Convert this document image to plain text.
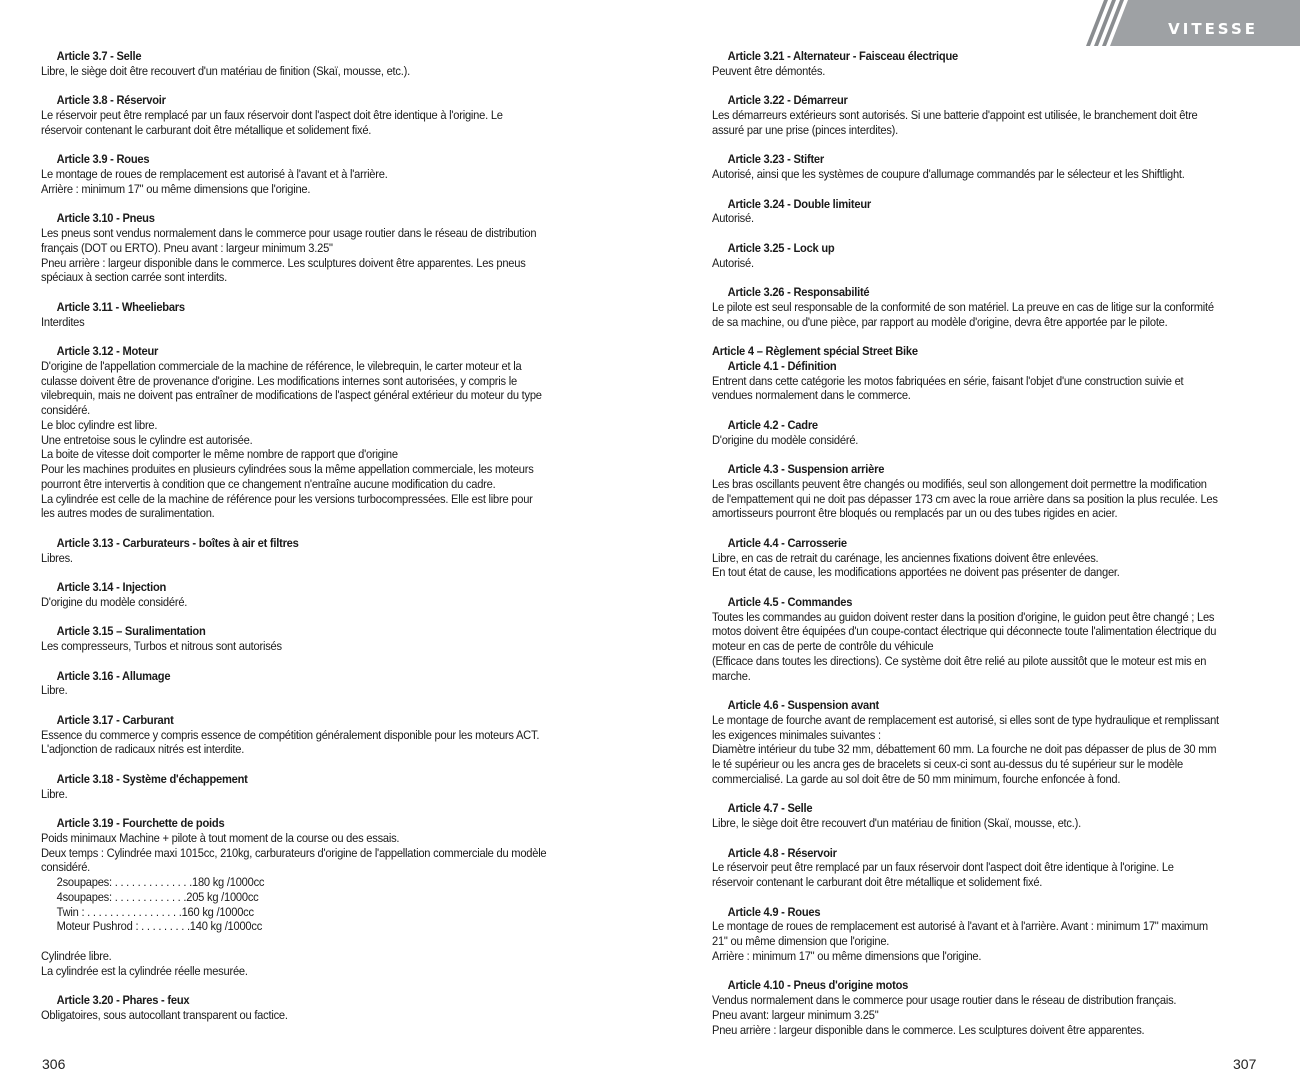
Article 3.7 - Selle
Libre, le siège doit être recouvert d'un matériau de finition (Skaï, mousse, etc.).
Article 3.8 - Réservoir
Le réservoir peut être remplacé par un faux réservoir dont l'aspect doit être identique à l'origine. Le
réservoir contenant le carburant doit être métallique et solidement fixé.
Article 3.9 - Roues
Le montage de roues de remplacement est autorisé à l'avant et à l'arrière.
Arrière : minimum 17" ou même dimensions que l'origine.
Article 3.10 - Pneus
Les pneus sont vendus normalement dans le commerce pour usage routier dans le réseau de distribution
français (DOT ou ERTO). Pneu avant : largeur minimum 3.25"
Pneu arrière : largeur disponible dans le commerce. Les sculptures doivent être apparentes. Les pneus
spéciaux à section carrée sont interdits.
Article 3.11 - Wheeliebars
Interdites
Article 3.12 - Moteur
D'origine de l'appellation commerciale de la machine de référence, le vilebrequin, le carter moteur et la
culasse doivent être de provenance d'origine. Les modifications internes sont autorisées, y compris le
vilebrequin, mais ne doivent pas entraîner de modifications de l'aspect général extérieur du moteur du type
considéré.
Le bloc cylindre est libre.
Une entretoise sous le cylindre est autorisée.
La boite de vitesse doit comporter le même nombre de rapport que d'origine
Pour les machines produites en plusieurs cylindrées sous la même appellation commerciale, les moteurs
pourront être intervertis à condition que ce changement n'entraîne aucune modification du cadre.
La cylindrée est celle de la machine de référence pour les versions turbocompressées. Elle est libre pour
les autres modes de suralimentation.
Article 3.13 - Carburateurs - boîtes à air et filtres
Libres.
Article 3.14 - Injection
D'origine du modèle considéré.
Article 3.15 – Suralimentation
Les compresseurs, Turbos et nitrous sont autorisés
Article 3.16 - Allumage
Libre.
Article 3.17 - Carburant
Essence du commerce y compris essence de compétition généralement disponible pour les moteurs ACT.
L'adjonction de radicaux nitrés est interdite.
Article 3.18 - Système d'échappement
Libre.
Article 3.19 - Fourchette de poids
Poids minimaux Machine + pilote à tout moment de la course ou des essais.
Deux temps : Cylindrée maxi 1015cc, 210kg, carburateurs d'origine de l'appellation commerciale du modèle
considéré.
2soupapes: . . . . . . . . . . . . . .180 kg /1000cc
4soupapes: . . . . . . . . . . . . .205 kg /1000cc
Twin : . . . . . . . . . . . . . . . . .160 kg /1000cc
Moteur Pushrod : . . . . . . . . .140 kg /1000cc

Cylindrée libre.
La cylindrée est la cylindrée réelle mesurée.
Article 3.20 - Phares - feux
Obligatoires, sous autocollant transparent ou factice.
306
VITESSE
Article 3.21 - Alternateur - Faisceau électrique
Peuvent être démontés.
Article 3.22 - Démarreur
Les démarreurs extérieurs sont autorisés. Si une batterie d'appoint est utilisée, le branchement doit être
assuré par une prise (pinces interdites).
Article 3.23 - Stifter
Autorisé, ainsi que les systèmes de coupure d'allumage commandés par le sélecteur et les Shiftlight.
Article 3.24 - Double limiteur
Autorisé.
Article 3.25 - Lock up
Autorisé.
Article 3.26 - Responsabilité
Le pilote est seul responsable de la conformité de son matériel. La preuve en cas de litige sur la conformité
de sa machine, ou d'une pièce, par rapport au modèle d'origine, devra être apportée par le pilote.
Article 4 – Règlement spécial Street Bike
Article 4.1 - Définition
Entrent dans cette catégorie les motos fabriquées en série, faisant l'objet d'une construction suivie et
vendues normalement dans le commerce.
Article 4.2 - Cadre
D'origine du modèle considéré.
Article 4.3 - Suspension arrière
Les bras oscillants peuvent être changés ou modifiés, seul son allongement doit permettre la modification
de l'empattement qui ne doit pas dépasser 173 cm avec la roue arrière dans sa position la plus reculée. Les
amortisseurs pourront être bloqués ou remplacés par un ou des tubes rigides en acier.
Article 4.4 - Carrosserie
Libre, en cas de retrait du carénage, les anciennes fixations doivent être enlevées.
En tout état de cause, les modifications apportées ne doivent pas présenter de danger.
Article 4.5 - Commandes
Toutes les commandes au guidon doivent rester dans la position d'origine, le guidon peut être changé ; Les
motos doivent être équipées d'un coupe-contact électrique qui déconnecte toute l'alimentation électrique du
moteur en cas de perte de contrôle du véhicule
(Efficace dans toutes les directions). Ce système doit être relié au pilote aussitôt que le moteur est mis en
marche.
Article 4.6 - Suspension avant
Le montage de fourche avant de remplacement est autorisé, si elles sont de type hydraulique et remplissant
les exigences minimales suivantes :
Diamètre intérieur du tube 32 mm, débattement 60 mm. La fourche ne doit pas dépasser de plus de 30 mm
le té supérieur ou les ancra ges de bracelets si ceux-ci sont au-dessus du té supérieur sur le modèle
commercialisé. La garde au sol doit être de 50 mm minimum, fourche enfoncée à fond.
Article 4.7 - Selle
Libre, le siège doit être recouvert d'un matériau de finition (Skaï, mousse, etc.).
Article 4.8 - Réservoir
Le réservoir peut être remplacé par un faux réservoir dont l'aspect doit être identique à l'origine. Le
réservoir contenant le carburant doit être métallique et solidement fixé.
Article 4.9 - Roues
Le montage de roues de remplacement est autorisé à l'avant et à l'arrière. Avant : minimum 17" maximum
21" ou même dimension que l'origine.
Arrière : minimum 17" ou même dimensions que l'origine.
Article 4.10 - Pneus d'origine motos
Vendus normalement dans le commerce pour usage routier dans le réseau de distribution français.
Pneu avant: largeur minimum 3.25"
Pneu arrière : largeur disponible dans le commerce. Les sculptures doivent être apparentes.
307
